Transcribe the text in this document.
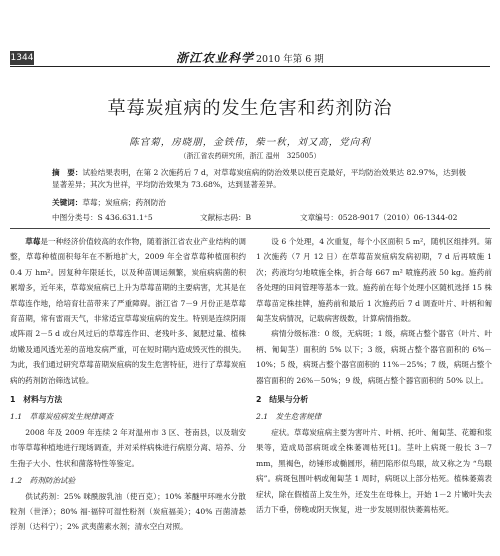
1344	浙江农业科学 2010 年第 6 期
草莓炭疽病的发生危害和药剂防治
陈官菊，房晓朋，金铁伟，柴一秋，刘又高，党向利
（浙江省农药研究所，浙江 温州　325005）
摘　要：试验结果表明，在第 2 次施药后 7 d，对草莓炭疽病的防治效果以使百克最好，平均防治效果达 82.97%，达到极显著差异；其次为世祥，平均防治效果为 73.68%，达到显著差异。
关键词：草莓；炭疽病；药剂防治
中图分类号：S 436.631.1⁺5	文献标志码：B	文章编号：0528-9017（2010）06-1344-02

草莓是一种经济价值较高的农作物，随着浙江省农业产业结构的调整，草莓种植面积每年在不断地扩大，2009 年全省草莓种植面积约 0.4 万 hm²。因复种年限延长，以及种苗调运频繁，炭疽病病菌的积累增多，近年来，草莓炭疽病已上升为草莓苗期的主要病害，尤其是在草莓连作地，给培育壮苗带来了严重障碍。浙江省 7－9 月份正是草莓育苗期，常有雷雨天气，非常适宜草莓炭疽病的发生。特别是连续阴雨或阵雨 2－5 d 或台风过后的草莓连作田、老残叶多、氮肥过量、植株幼嫩及通风透光差的苗地发病严重，可在短时期内造成毁灭性的损失。为此，我们通过研究草莓苗期炭疽病的发生危害特征，进行了草莓炭疽病的药剂防治筛选试验。

1　材料与方法
1.1　草莓炭疽病发生规律调查

2008 年及 2009 年连续 2 年对温州市 3 区、苍南县，以及瑞安市等草莓种植地进行现场调查，并对采样病株进行病原分离、培养、分生孢子大小、性状和菌落特性等鉴定。

1.2　药剂防治试验

供试药剂：25% 咪酰胺乳油（使百克）；10% 苯醚甲环唑水分散粒剂（世泽）；80% 福·福锌可湿性粉剂（炭疽福美）；40% 百菌清悬浮剂（达科宁）；2% 武夷菌素水剂；清水空白对照。

设 6 个处理，4 次重复，每个小区面积 5 m²，随机区组排列。第 1 次施药（7 月 12 日）在草莓苗炭疽病发病初期，7 d 后再喷施 1 次；药液均匀地喷施全株，折合每 667 m² 喷施药液 50 kg。施药前各处理的田间管理等基本一致。施药前在每个处理小区随机选择 15 株草莓苗定株挂牌，施药前和最后 1 次施药后 7 d 调查叶片、叶柄和匍匐茎发病情况，记载病害级数，计算病情指数。

病情分级标准：0 级，无病斑；1 级，病斑占整个器官（叶片、叶柄、匍匐茎）面积的 5% 以下；3 级，病斑占整个器官面积的 6%－10%；5 级，病斑占整个器官面积的 11%－25%；7 级，病斑占整个器官面积的 26%－50%；9 级，病斑占整个器官面积的 50% 以上。

2　结果与分析
2.1　发生危害规律

症状。草莓炭疽病主要为害叶片、叶柄、托叶、匍匐茎、花瓣和浆果等，造成局部病斑或全株萎凋枯死[1]。茎叶上病斑一般长 3－7 mm，黑褐色，纺锤形或椭圆形，稍凹陷形似鸟眼，故又称之为 “鸟眼病”。病斑包围叶柄或匍匐茎 1 周时，病斑以上部分枯死。植株萎蔫表症状，除在假植苗上发生外，还发生在母株上，开始 1－2 片嫩叶失去活力下垂，傍晚或阴天恢复，进一步发展则很快萎蔫枯死。
